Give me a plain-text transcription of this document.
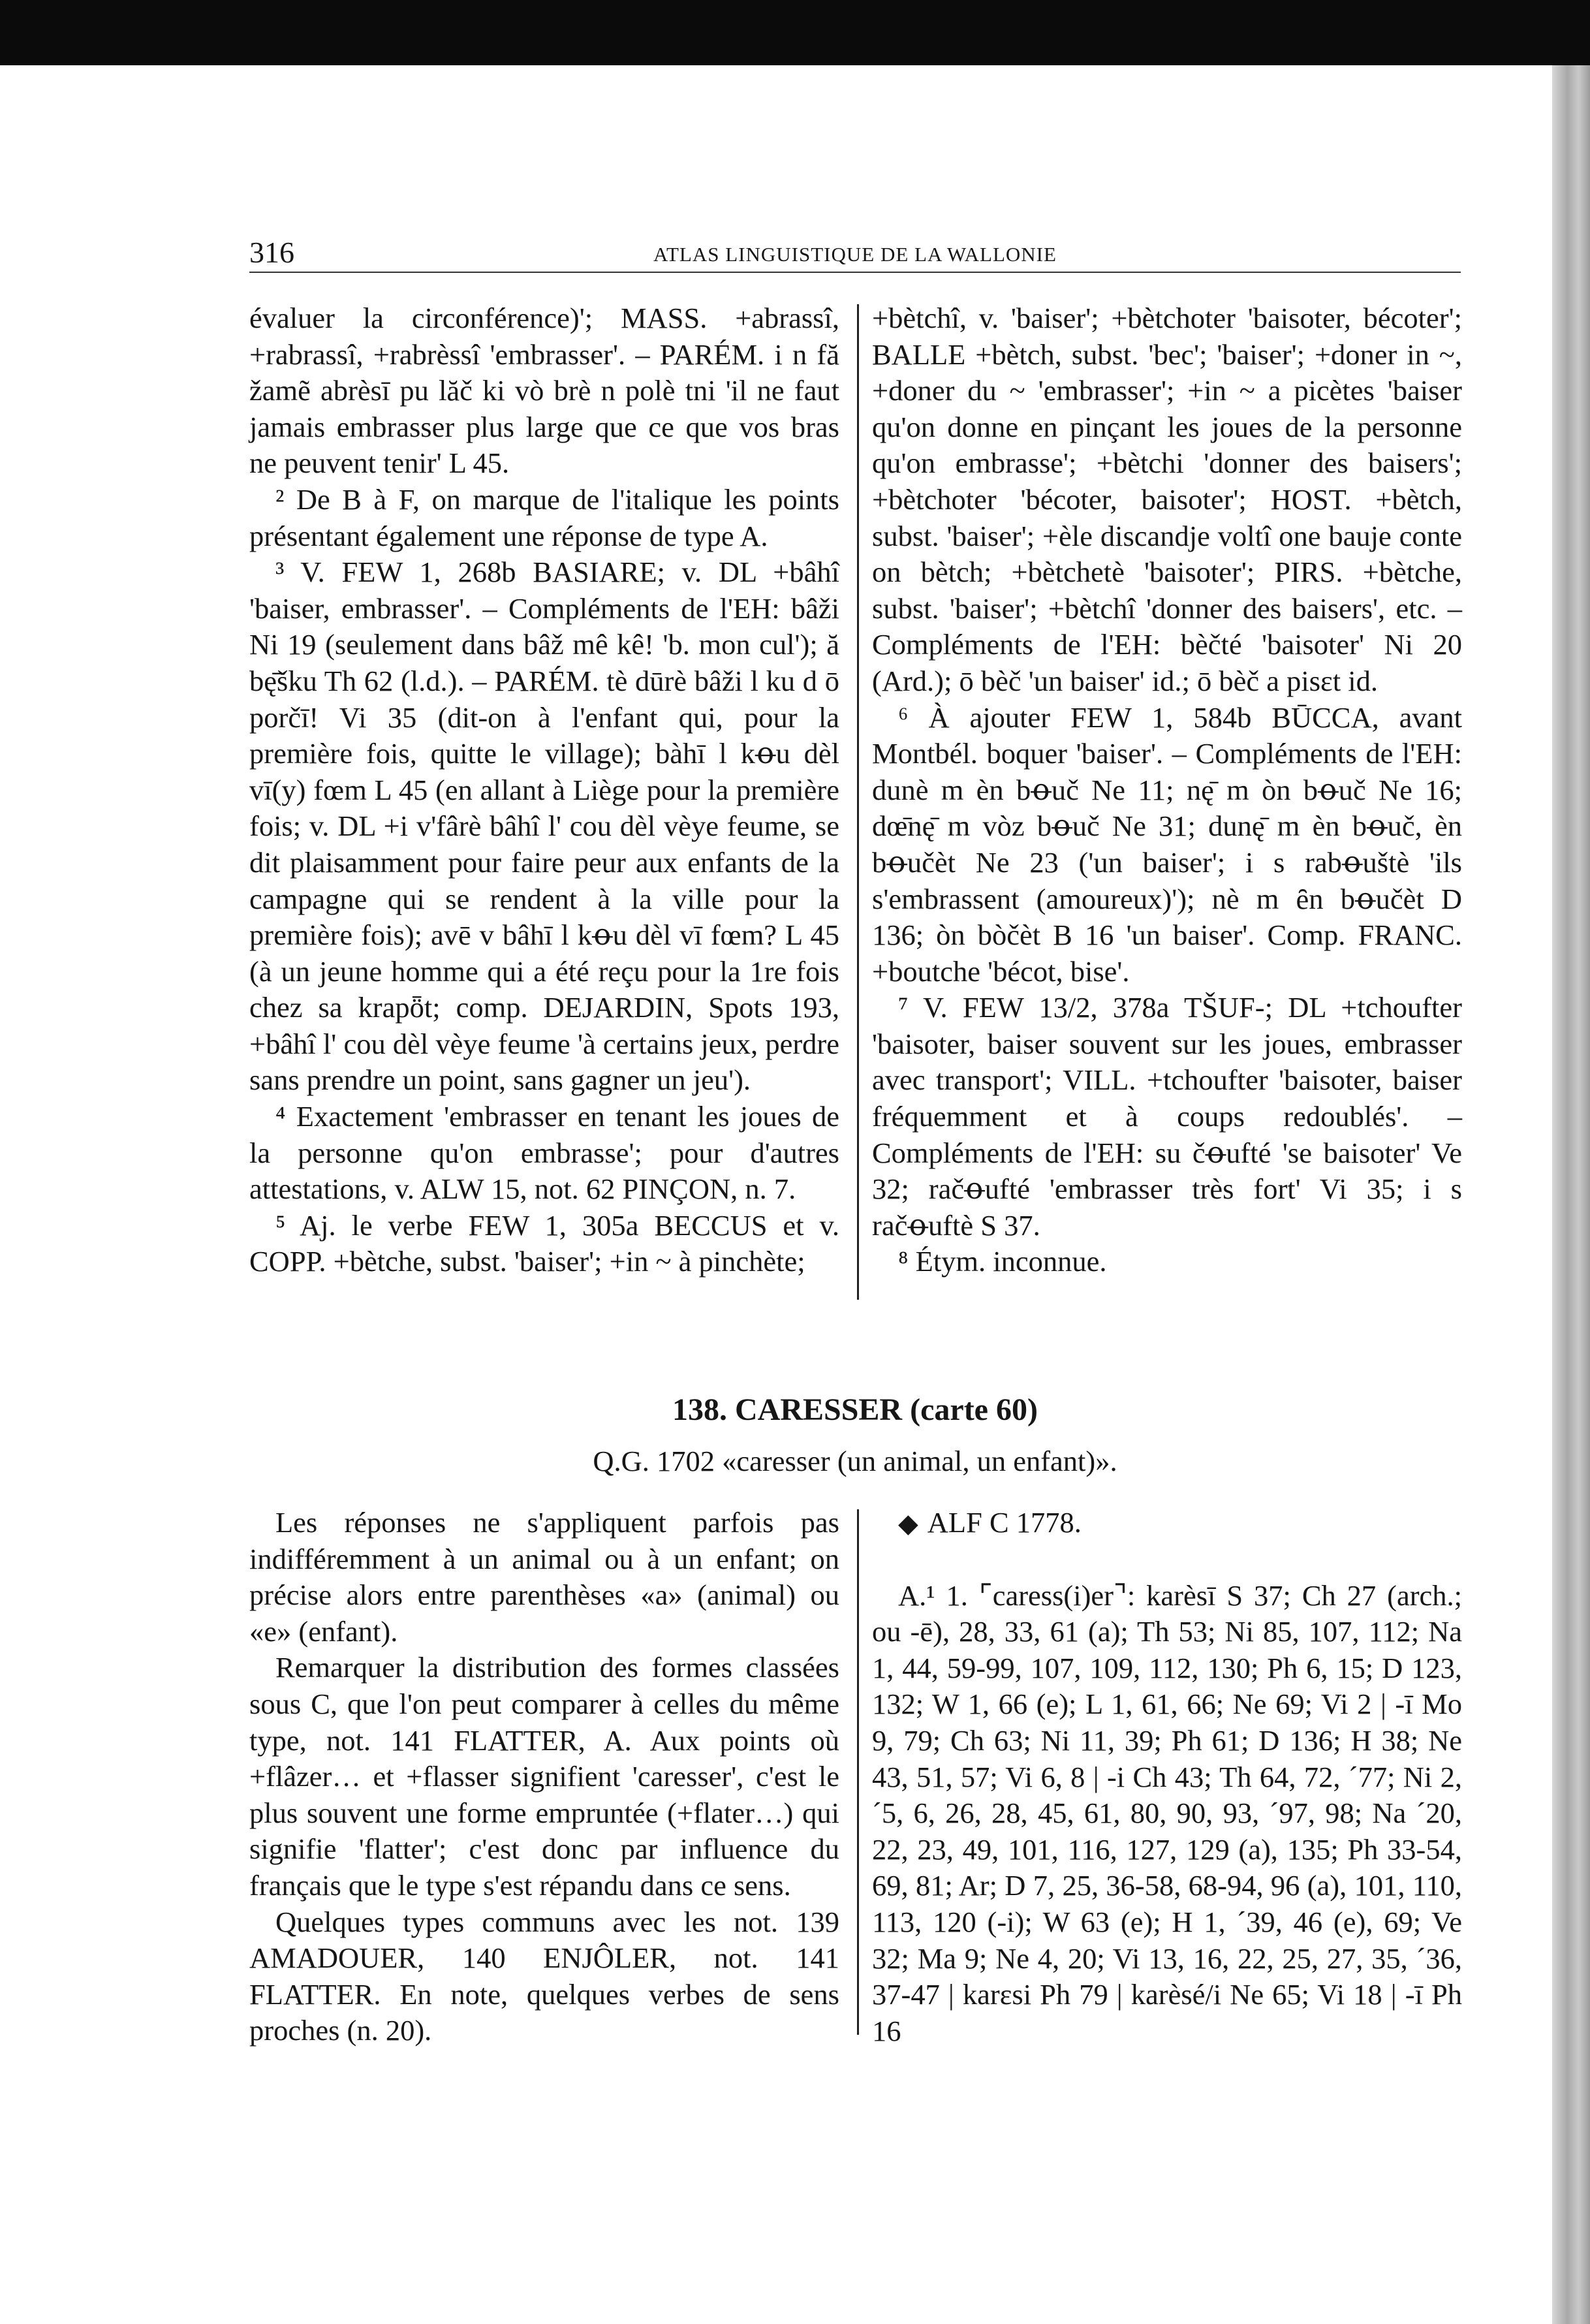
316	ATLAS LINGUISTIQUE DE LA WALLONIE

évaluer la circonférence)'; MASS. +abrassî, +rabrassî, +rabrèssî 'embrasser'. – PARÉM. i n fă žamẽ abrèsī pu lăč ki vò brè n polè tni 'il ne faut jamais embrasser plus large que ce que vos bras ne peuvent tenir' L 45.

² De B à F, on marque de l'italique les points présentant également une réponse de type A.

³ V. FEW 1, 268b BASIARE; v. DL +bâhî 'baiser, embrasser'. – Compléments de l'EH: bâži Ni 19 (seulement dans bâž mê kê! 'b. mon cul'); ă bę̄šku Th 62 (l.d.). – PARÉM. tè dūrè bâži l ku d ō porčī! Vi 35 (dit-on à l'enfant qui, pour la première fois, quitte le village); bàhī l kꝋu dèl vī(y) fœm L 45 (en allant à Liège pour la première fois; v. DL +i v'fârè bâhî l' cou dèl vèye feume, se dit plaisamment pour faire peur aux enfants de la campagne qui se rendent à la ville pour la première fois); avē v bâhī l kꝋu dèl vī fœm? L 45 (à un jeune homme qui a été reçu pour la 1re fois chez sa krapȫt; comp. DEJARDIN, Spots 193, +bâhî l' cou dèl vèye feume 'à certains jeux, perdre sans prendre un point, sans gagner un jeu').

⁴ Exactement 'embrasser en tenant les joues de la personne qu'on embrasse'; pour d'autres attestations, v. ALW 15, not. 62 PINÇON, n. 7.

⁵ Aj. le verbe FEW 1, 305a BECCUS et v. COPP. +bètche, subst. 'baiser'; +in ~ à pinchète;

+bètchî, v. 'baiser'; +bètchoter 'baisoter, bécoter'; BALLE +bètch, subst. 'bec'; 'baiser'; +doner in ~, +doner du ~ 'embrasser'; +in ~ a picètes 'baiser qu'on donne en pinçant les joues de la personne qu'on embrasse'; +bètchi 'donner des baisers'; +bètchoter 'bécoter, baisoter'; HOST. +bètch, subst. 'baiser'; +èle discandje voltî one bauje conte on bètch; +bètchetè 'baisoter'; PIRS. +bètche, subst. 'baiser'; +bètchî 'donner des baisers', etc. – Compléments de l'EH: bèčté 'baisoter' Ni 20 (Ard.); ō bèč 'un baiser' id.; ō bèč a pisɛt id.

⁶ À ajouter FEW 1, 584b BŪCCA, avant Montbél. boquer 'baiser'. – Compléments de l'EH: dunè m èn bꝋuč Ne 11; nę̄ m òn bꝋuč Ne 16; dœ̄nę̄ m vòz bꝋuč Ne 31; dunę̄ m èn bꝋuč, èn bꝋučèt Ne 23 ('un baiser'; i s rabꝋuštè 'ils s'embrassent (amoureux)'); nè m ȇn bꝋučèt D 136; òn bòčèt B 16 'un baiser'. Comp. FRANC. +boutche 'bécot, bise'.

⁷ V. FEW 13/2, 378a TŠUF-; DL +tchoufter 'baisoter, baiser souvent sur les joues, embrasser avec transport'; VILL. +tchoufter 'baisoter, baiser fréquemment et à coups redoublés'. – Compléments de l'EH: su čꝋufté 'se baisoter' Ve 32; račꝋufté 'embrasser très fort' Vi 35; i s račꝋuftè S 37.

⁸ Étym. inconnue.

138. CARESSER (carte 60)
Q.G. 1702 «caresser (un animal, un enfant)».

Les réponses ne s'appliquent parfois pas indifféremment à un animal ou à un enfant; on précise alors entre parenthèses «a» (animal) ou «e» (enfant).

Remarquer la distribution des formes classées sous C, que l'on peut comparer à celles du même type, not. 141 FLATTER, A. Aux points où +flâzer… et +flasser signifient 'caresser', c'est le plus souvent une forme empruntée (+flater…) qui signifie 'flatter'; c'est donc par influence du français que le type s'est répandu dans ce sens.

Quelques types communs avec les not. 139 AMADOUER, 140 ENJÔLER, not. 141 FLATTER. En note, quelques verbes de sens proches (n. 20).

◆ ALF C 1778.

A.¹ 1. ⌜caress(i)er⌝: karèsī S 37; Ch 27 (arch.; ou -ē), 28, 33, 61 (a); Th 53; Ni 85, 107, 112; Na 1, 44, 59-99, 107, 109, 112, 130; Ph 6, 15; D 123, 132; W 1, 66 (e); L 1, 61, 66; Ne 69; Vi 2 | -ī Mo 9, 79; Ch 63; Ni 11, 39; Ph 61; D 136; H 38; Ne 43, 51, 57; Vi 6, 8 | -i Ch 43; Th 64, 72, ´77; Ni 2, ´5, 6, 26, 28, 45, 61, 80, 90, 93, ´97, 98; Na ´20, 22, 23, 49, 101, 116, 127, 129 (a), 135; Ph 33-54, 69, 81; Ar; D 7, 25, 36-58, 68-94, 96 (a), 101, 110, 113, 120 (-i); W 63 (e); H 1, ´39, 46 (e), 69; Ve 32; Ma 9; Ne 4, 20; Vi 13, 16, 22, 25, 27, 35, ´36, 37-47 | karɛsi Ph 79 | karèsé/i Ne 65; Vi 18 | -ī Ph 16
